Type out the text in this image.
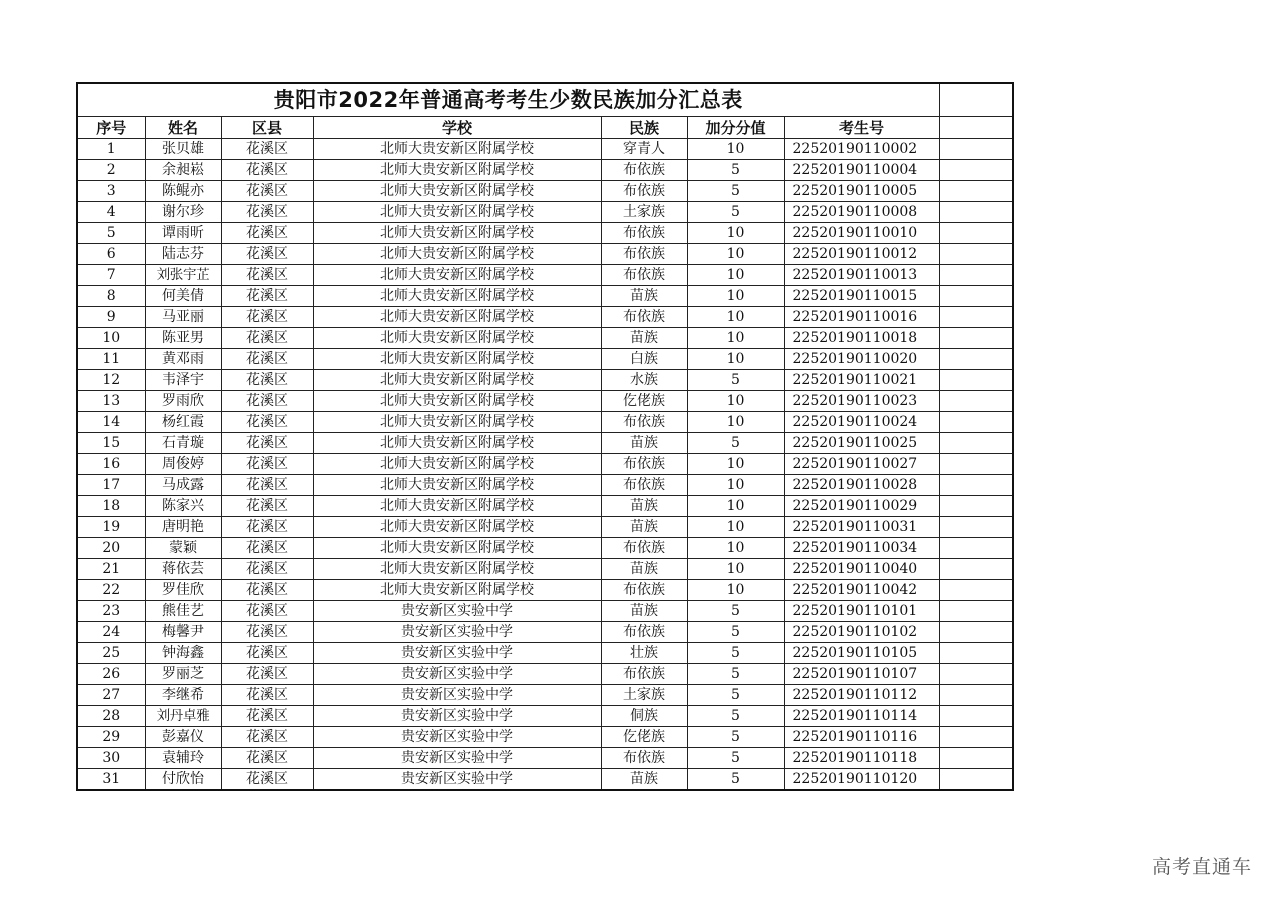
贵阳市2022年普通高考考生少数民族加分汇总表							
序号	姓名	区县	学校	民族	加分分值	考生号	
1	张贝雄	花溪区	北师大贵安新区附属学校	穿青人	10	22520190110002	
2	余昶崧	花溪区	北师大贵安新区附属学校	布依族	5	22520190110004	
3	陈鲲亦	花溪区	北师大贵安新区附属学校	布依族	5	22520190110005	
4	谢尔珍	花溪区	北师大贵安新区附属学校	土家族	5	22520190110008	
5	谭雨昕	花溪区	北师大贵安新区附属学校	布依族	10	22520190110010	
6	陆志芬	花溪区	北师大贵安新区附属学校	布依族	10	22520190110012	
7	刘张宇芷	花溪区	北师大贵安新区附属学校	布依族	10	22520190110013	
8	何美倩	花溪区	北师大贵安新区附属学校	苗族	10	22520190110015	
9	马亚丽	花溪区	北师大贵安新区附属学校	布依族	10	22520190110016	
10	陈亚男	花溪区	北师大贵安新区附属学校	苗族	10	22520190110018	
11	黄邓雨	花溪区	北师大贵安新区附属学校	白族	10	22520190110020	
12	韦泽宇	花溪区	北师大贵安新区附属学校	水族	5	22520190110021	
13	罗雨欣	花溪区	北师大贵安新区附属学校	仡佬族	10	22520190110023	
14	杨红霞	花溪区	北师大贵安新区附属学校	布依族	10	22520190110024	
15	石青璇	花溪区	北师大贵安新区附属学校	苗族	5	22520190110025	
16	周俊婷	花溪区	北师大贵安新区附属学校	布依族	10	22520190110027	
17	马成露	花溪区	北师大贵安新区附属学校	布依族	10	22520190110028	
18	陈家兴	花溪区	北师大贵安新区附属学校	苗族	10	22520190110029	
19	唐明艳	花溪区	北师大贵安新区附属学校	苗族	10	22520190110031	
20	蒙颖	花溪区	北师大贵安新区附属学校	布依族	10	22520190110034	
21	蒋依芸	花溪区	北师大贵安新区附属学校	苗族	10	22520190110040	
22	罗佳欣	花溪区	北师大贵安新区附属学校	布依族	10	22520190110042	
23	熊佳艺	花溪区	贵安新区实验中学	苗族	5	22520190110101	
24	梅馨尹	花溪区	贵安新区实验中学	布依族	5	22520190110102	
25	钟海鑫	花溪区	贵安新区实验中学	壮族	5	22520190110105	
26	罗丽芝	花溪区	贵安新区实验中学	布依族	5	22520190110107	
27	李继希	花溪区	贵安新区实验中学	土家族	5	22520190110112	
28	刘丹卓雅	花溪区	贵安新区实验中学	侗族	5	22520190110114	
29	彭嘉仪	花溪区	贵安新区实验中学	仡佬族	5	22520190110116	
30	袁辅玲	花溪区	贵安新区实验中学	布依族	5	22520190110118	
31	付欣怡	花溪区	贵安新区实验中学	苗族	5	22520190110120	
高考直通车
